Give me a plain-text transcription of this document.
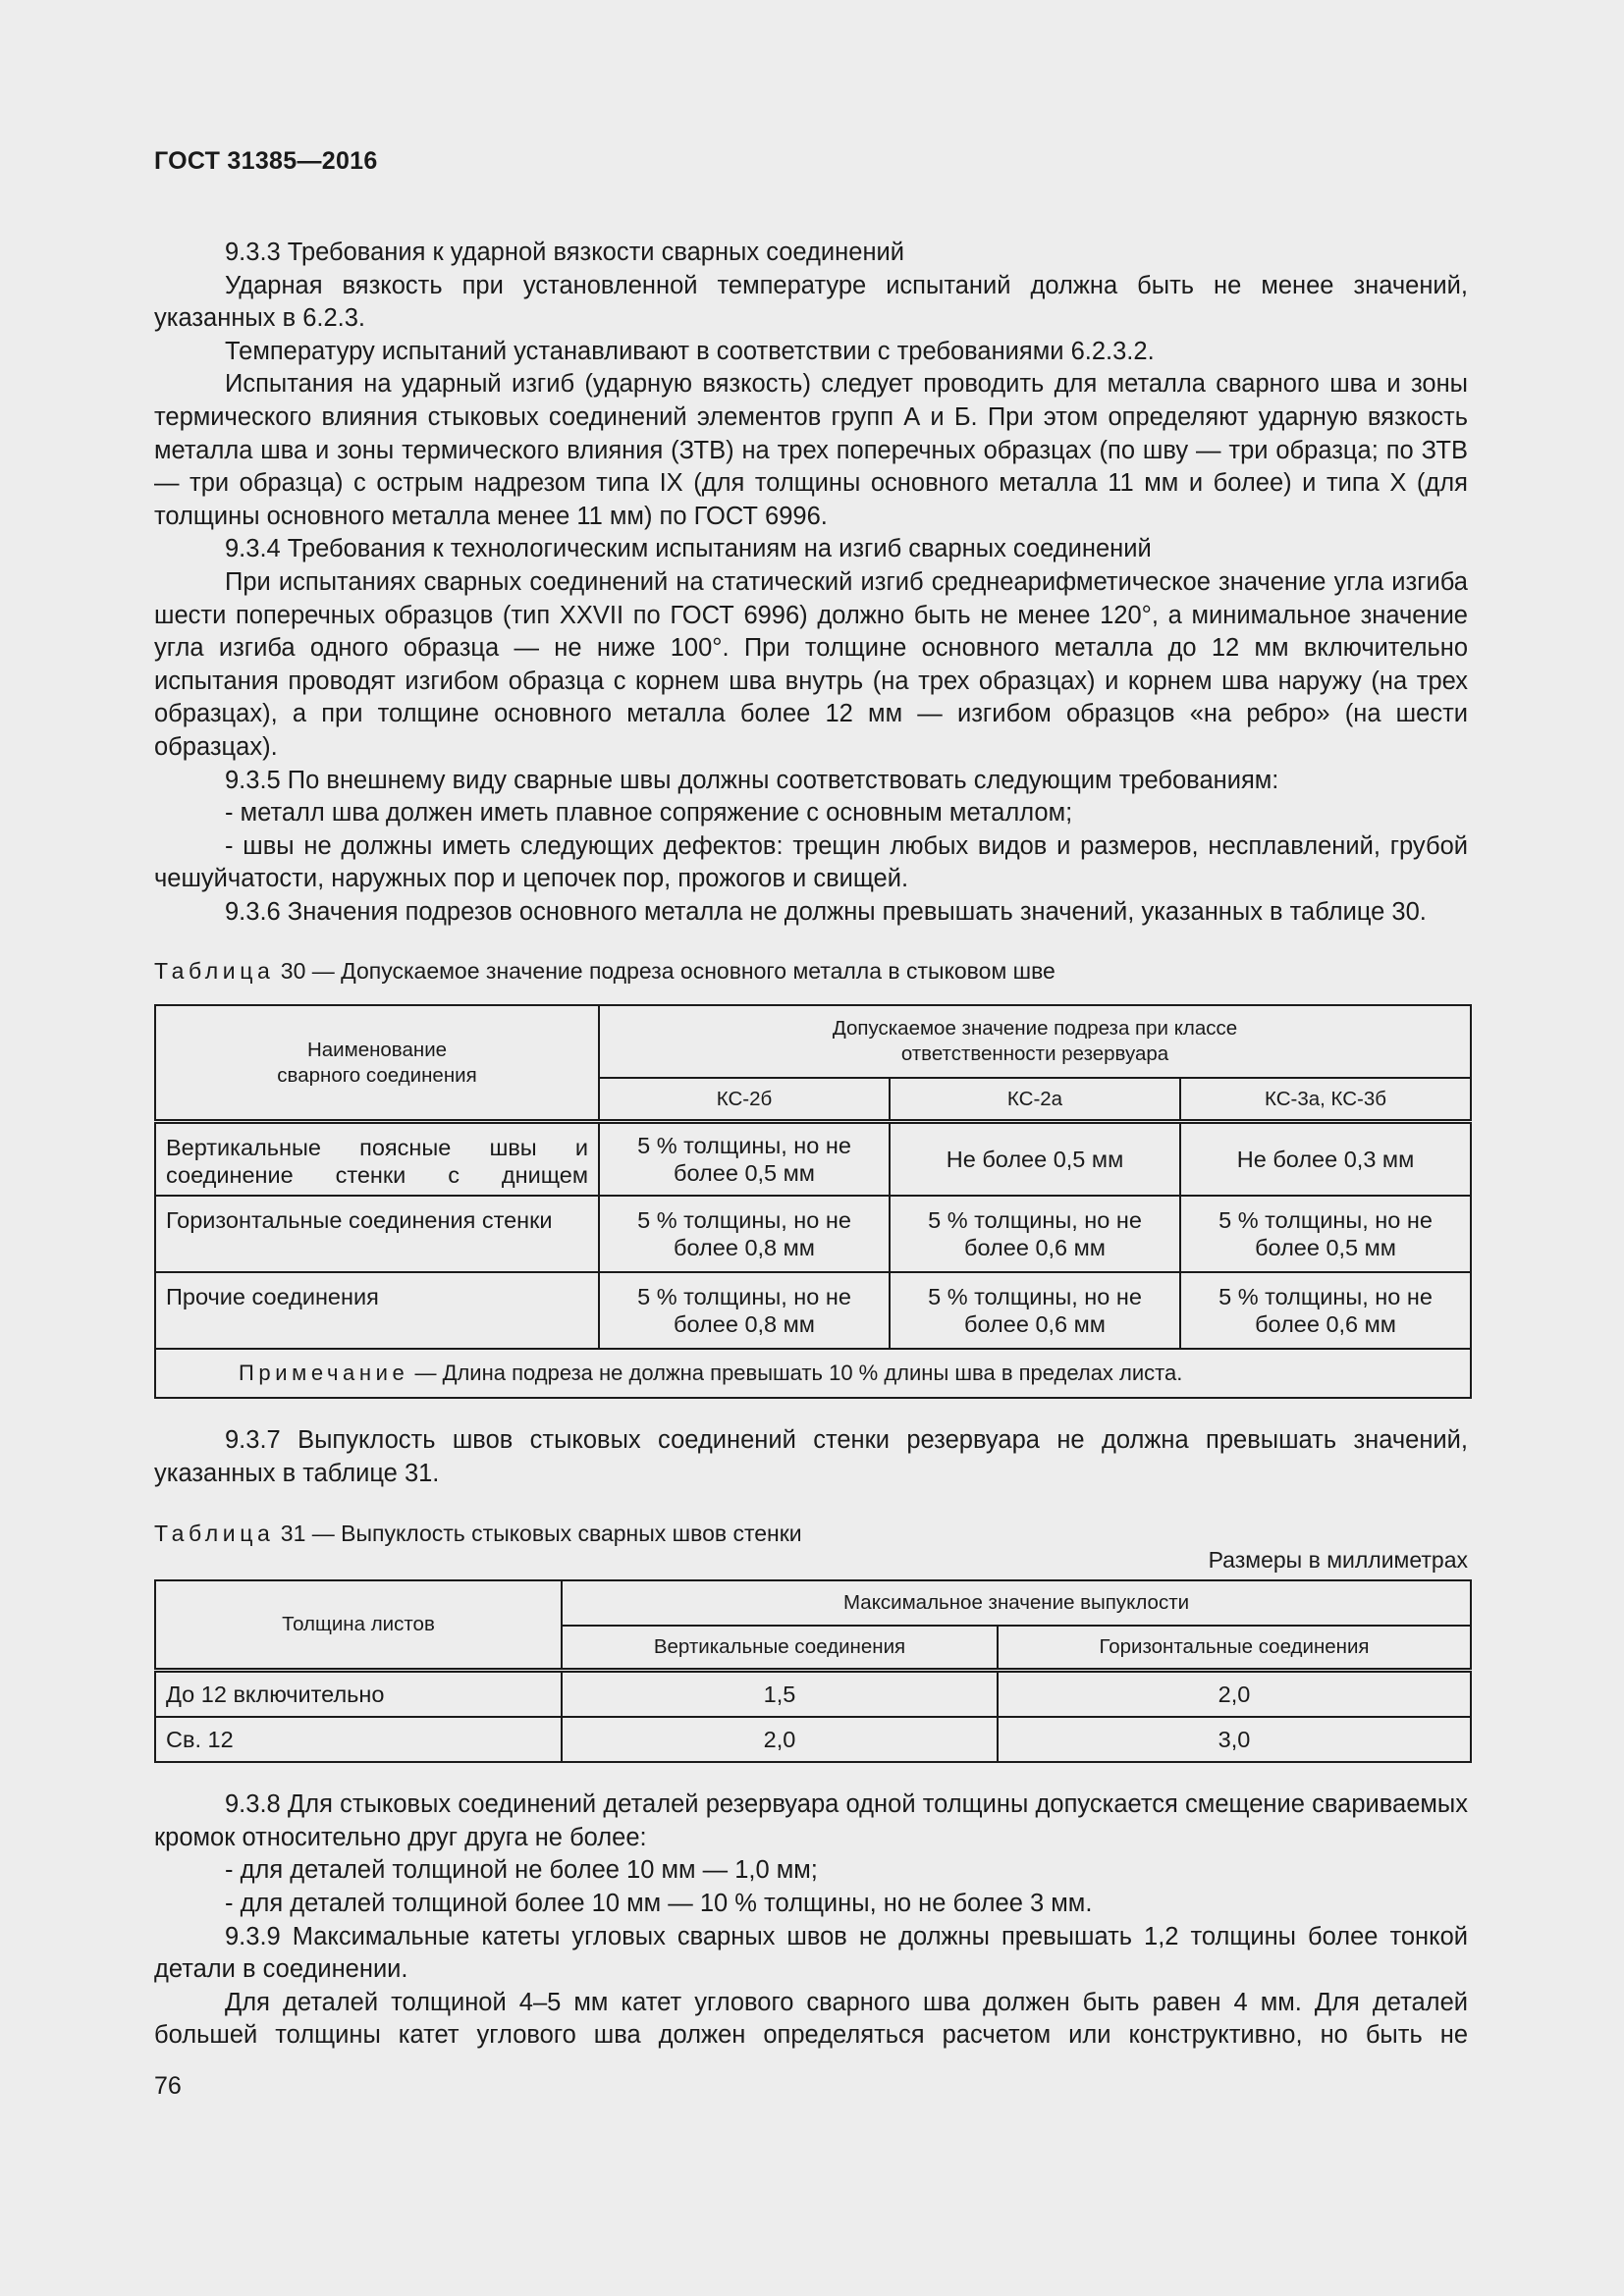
ГОСТ 31385—2016

9.3.3 Требования к ударной вязкости сварных соединений

Ударная вязкость при установленной температуре испытаний должна быть не менее значений, указанных в 6.2.3.

Температуру испытаний устанавливают в соответствии с требованиями 6.2.3.2.

Испытания на ударный изгиб (ударную вязкость) следует проводить для металла сварного шва и зоны термического влияния стыковых соединений элементов групп А и Б. При этом определяют ударную вязкость металла шва и зоны термического влияния (ЗТВ) на трех поперечных образцах (по шву — три образца; по ЗТВ — три образца) с острым надрезом типа IX (для толщины основного металла 11 мм и более) и типа X (для толщины основного металла менее 11 мм) по ГОСТ 6996.

9.3.4 Требования к технологическим испытаниям на изгиб сварных соединений

При испытаниях сварных соединений на статический изгиб среднеарифметическое значение угла изгиба шести поперечных образцов (тип XXVII по ГОСТ 6996) должно быть не менее 120°, а минимальное значение угла изгиба одного образца — не ниже 100°. При толщине основного металла до 12 мм включительно испытания проводят изгибом образца с корнем шва внутрь (на трех образцах) и корнем шва наружу (на трех образцах), а при толщине основного металла более 12 мм — изгибом образцов «на ребро» (на шести образцах).

9.3.5 По внешнему виду сварные швы должны соответствовать следующим требованиям:

- металл шва должен иметь плавное сопряжение с основным металлом;

- швы не должны иметь следующих дефектов: трещин любых видов и размеров, несплавлений, грубой чешуйчатости, наружных пор и цепочек пор, прожогов и свищей.

9.3.6 Значения подрезов основного металла не должны превышать значений, указанных в таблице 30.

Таблица 30 — Допускаемое значение подреза основного металла в стыковом шве

Наименование сварного соединения	Допускаемое значение подреза при классе ответственности резервуара		

	КС-2б	КС-2а	КС-3а, КС-3б

Вертикальные поясные швы и соединение стенки с днищем	5 % толщины, но не более 0,5 мм	Не более 0,5 мм	Не более 0,3 мм
Горизонтальные соединения стенки	5 % толщины, но не более 0,8 мм	5 % толщины, но не более 0,6 мм	5 % толщины, но не более 0,5 мм

Прочие соединения	5 % толщины, но не более 0,8 мм	5 % толщины, но не более 0,6 мм	5 % толщины, но не более 0,6 мм

Примечание — Длина подреза не должна превышать 10 % длины шва в пределах листа.			

9.3.7 Выпуклость швов стыковых соединений стенки резервуара не должна превышать значений, указанных в таблице 31.

Таблица 31 — Выпуклость стыковых сварных швов стенки

Размеры в миллиметрах

Толщина листов	Максимальное значение выпуклости	
	Вертикальные соединения	Горизонтальные соединения
До 12 включительно	1,5	2,0
Св. 12	2,0	3,0

9.3.8 Для стыковых соединений деталей резервуара одной толщины допускается смещение свариваемых кромок относительно друг друга не более:

- для деталей толщиной не более 10 мм — 1,0 мм;

- для деталей толщиной более 10 мм — 10 % толщины, но не более 3 мм.

9.3.9 Максимальные катеты угловых сварных швов не должны превышать 1,2 толщины более тонкой детали в соединении.

Для деталей толщиной 4–5 мм катет углового сварного шва должен быть равен 4 мм. Для деталей большей толщины катет углового шва должен определяться расчетом или конструктивно, но быть не

76
